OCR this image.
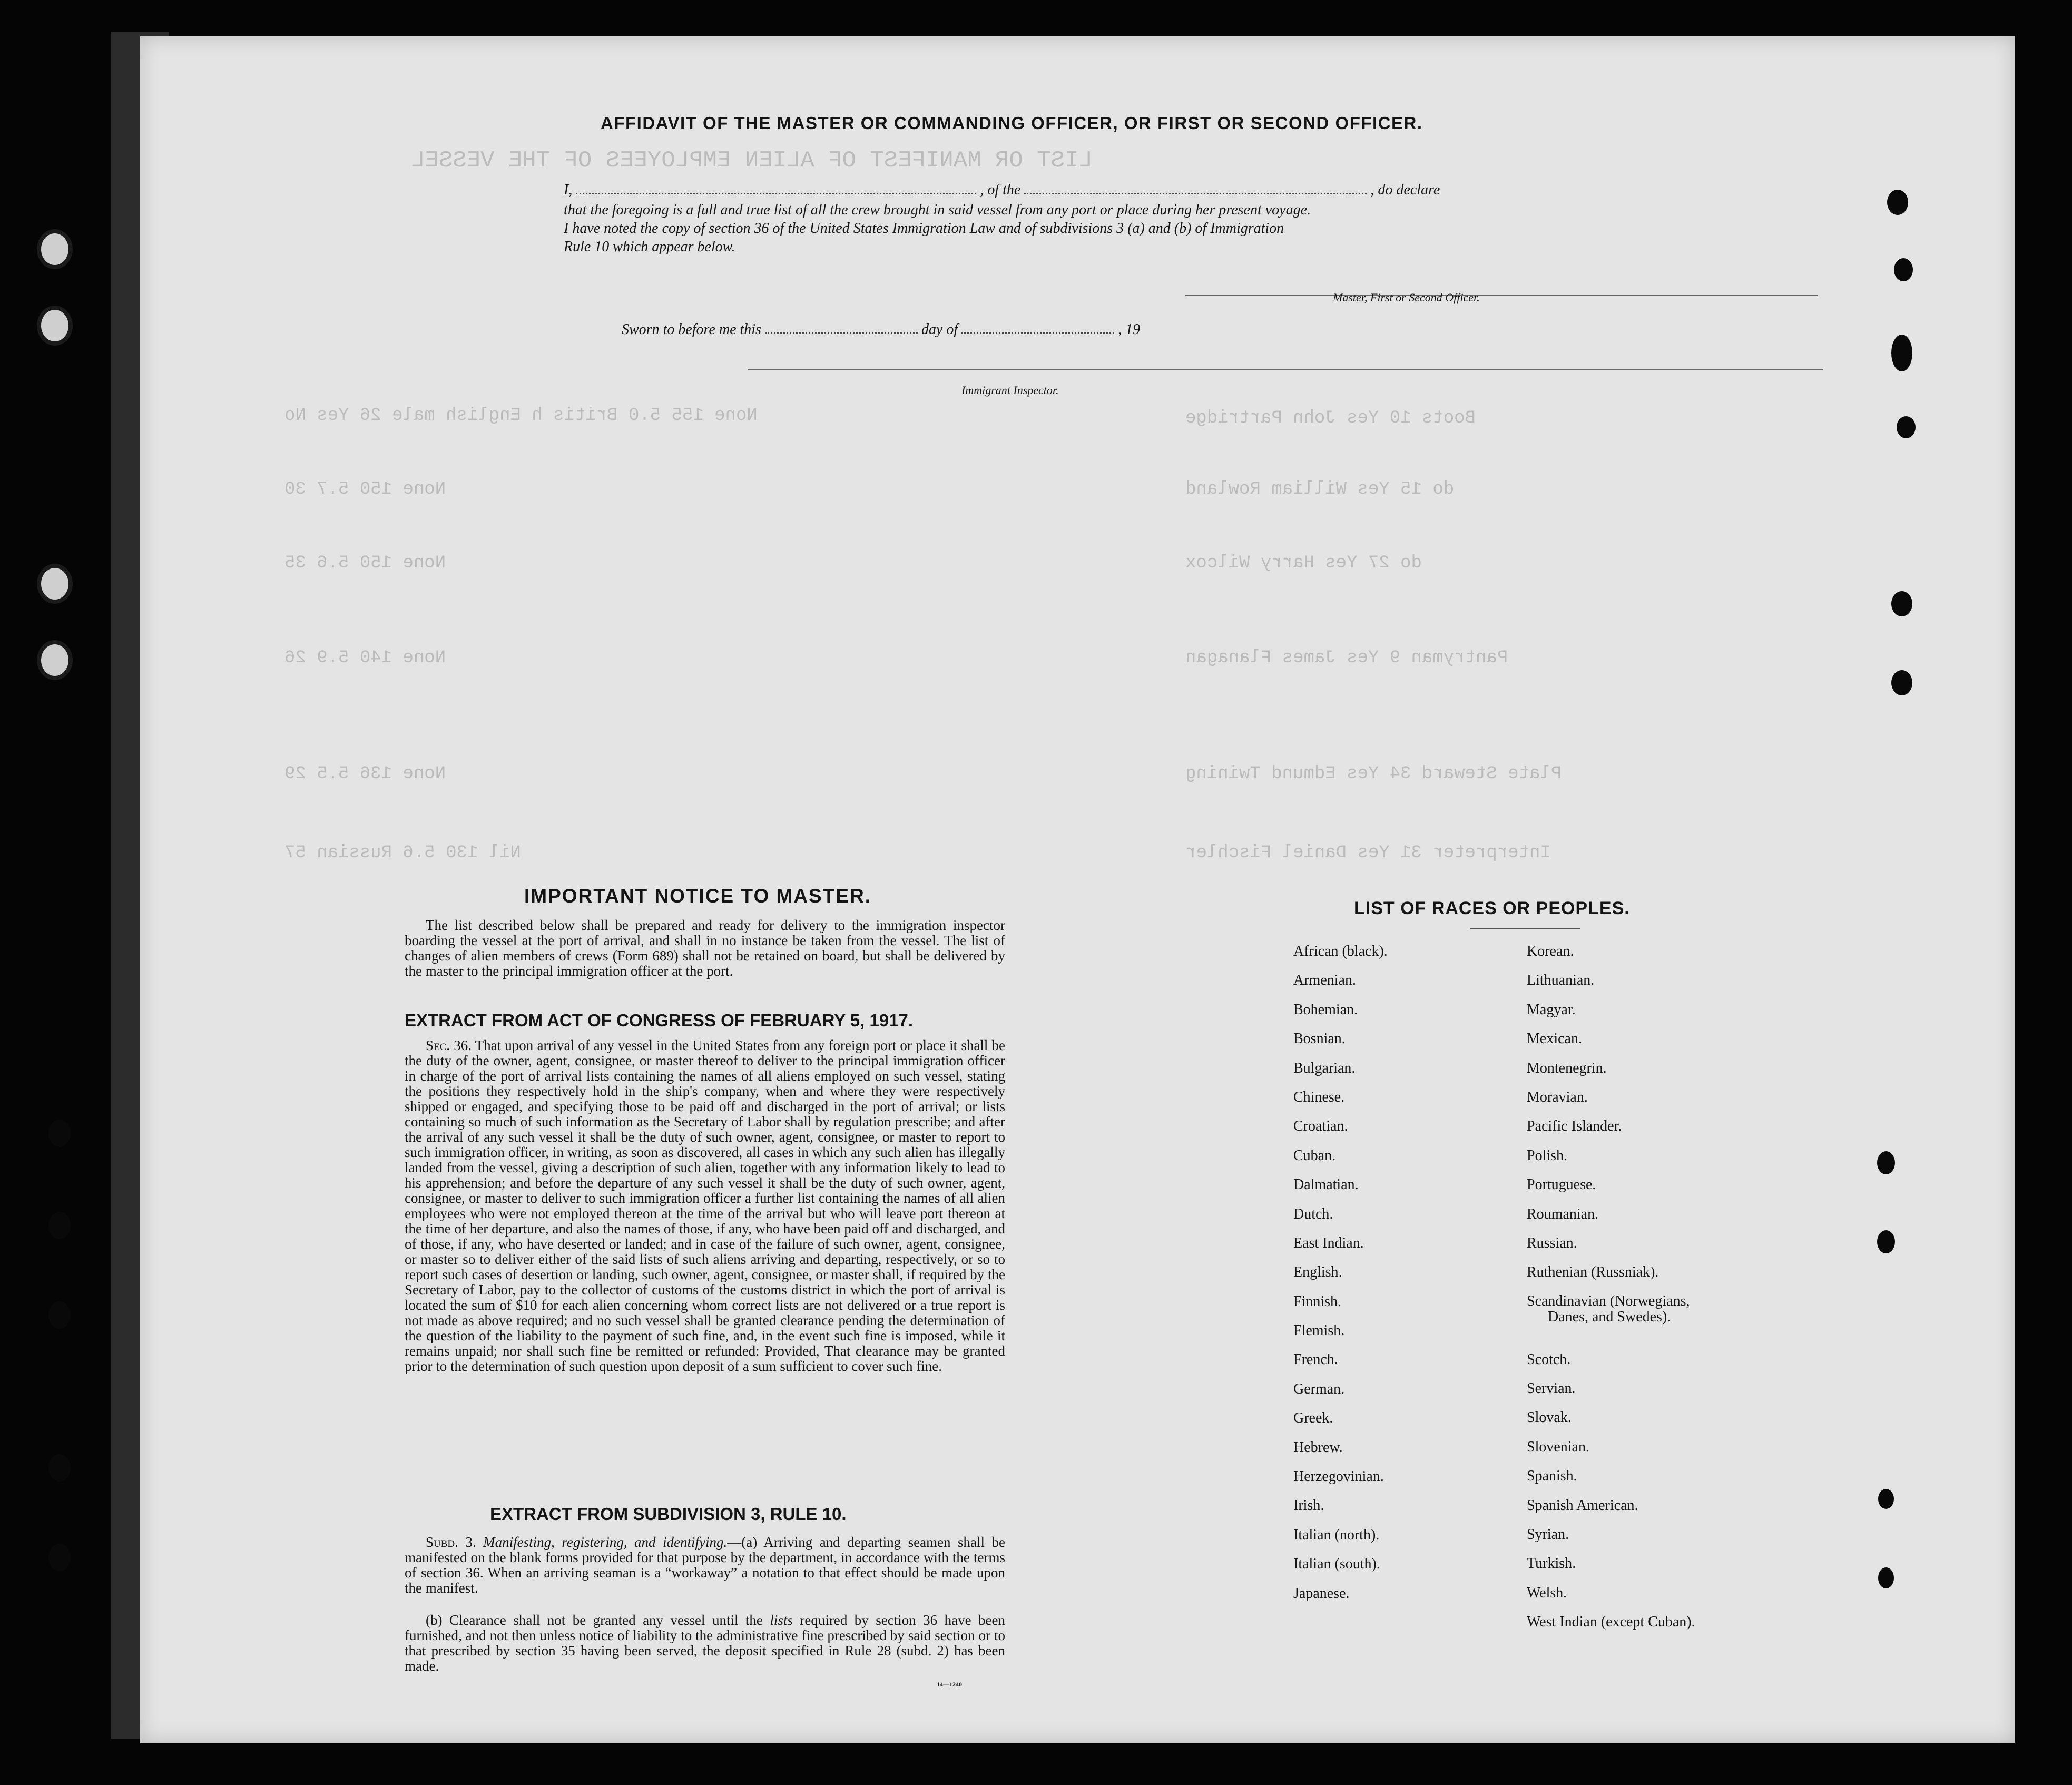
LIST OR MANIFEST OF ALIEN EMPLOYEES OF THE VESSEL
None 155 5.0 Britis h English male 26 Yes No	Boots 10 Yes John Partridge
None 150 5.7 30	do 15 Yes William Rowland
None 150 5.6 35	do 27 Yes Harry Wilcox
None 140 5.9 26	Pantryman 9 Yes James Flanagan
None 136 5.5 29	Plate Steward 34 Yes Edmund Twining
Nil 130 5.6 Russian 57	Interpreter 31 Yes Daniel Fischler
AFFIDAVIT OF THE MASTER OR COMMANDING OFFICER, OR FIRST OR SECOND OFFICER.
I,	, of the	, do declare
that the foregoing is a full and true list of all the crew brought in said vessel from any port or place during her present voyage.
I have noted the copy of section 36 of the United States Immigration Law and of subdivisions 3 (a) and (b) of Immigration
Rule 10 which appear below.
Master, First or Second Officer.
Sworn to before me this	day of	, 19
Immigrant Inspector.
IMPORTANT NOTICE TO MASTER.
The list described below shall be prepared and ready for delivery to the immigration inspector boarding the vessel at the port of arrival, and shall in no instance be taken from the vessel. The list of changes of alien members of crews (Form 689) shall not be retained on board, but shall be delivered by the master to the principal immigration officer at the port.
EXTRACT FROM ACT OF CONGRESS OF FEBRUARY 5, 1917.
Sec. 36. That upon arrival of any vessel in the United States from any foreign port or place it shall be the duty of the owner, agent, consignee, or master thereof to deliver to the principal immigration officer in charge of the port of arrival lists containing the names of all aliens employed on such vessel, stating the positions they respectively hold in the ship's company, when and where they were respectively shipped or engaged, and specifying those to be paid off and discharged in the port of arrival; or lists containing so much of such information as the Secretary of Labor shall by regulation prescribe; and after the arrival of any such vessel it shall be the duty of such owner, agent, consignee, or master to report to such immigration officer, in writing, as soon as discovered, all cases in which any such alien has illegally landed from the vessel, giving a description of such alien, together with any information likely to lead to his apprehension; and before the departure of any such vessel it shall be the duty of such owner, agent, consignee, or master to deliver to such immigration officer a further list containing the names of all alien employees who were not employed thereon at the time of the arrival but who will leave port thereon at the time of her departure, and also the names of those, if any, who have been paid off and discharged, and of those, if any, who have deserted or landed; and in case of the failure of such owner, agent, consignee, or master so to deliver either of the said lists of such aliens arriving and departing, respectively, or so to report such cases of desertion or landing, such owner, agent, consignee, or master shall, if required by the Secretary of Labor, pay to the collector of customs of the customs district in which the port of arrival is located the sum of $10 for each alien concerning whom correct lists are not delivered or a true report is not made as above required; and no such vessel shall be granted clearance pending the determination of the question of the liability to the payment of such fine, and, in the event such fine is imposed, while it remains unpaid; nor shall such fine be remitted or refunded: Provided, That clearance may be granted prior to the determination of such question upon deposit of a sum sufficient to cover such fine.
EXTRACT FROM SUBDIVISION 3, RULE 10.
Subd. 3. Manifesting, registering, and identifying.—(a) Arriving and departing seamen shall be manifested on the blank forms provided for that purpose by the department, in accordance with the terms of section 36. When an arriving seaman is a “workaway” a notation to that effect should be made upon the manifest.
(b) Clearance shall not be granted any vessel until the lists required by section 36 have been furnished, and not then unless notice of liability to the administrative fine prescribed by said section or to that prescribed by section 35 having been served, the deposit specified in Rule 28 (subd. 2) has been made.
14—1240
LIST OF RACES OR PEOPLES.
African (black).
Armenian.
Bohemian.
Bosnian.
Bulgarian.
Chinese.
Croatian.
Cuban.
Dalmatian.
Dutch.
East Indian.
English.
Finnish.
Flemish.
French.
German.
Greek.
Hebrew.
Herzegovinian.
Irish.
Italian (north).
Italian (south).
Japanese.
Korean.
Lithuanian.
Magyar.
Mexican.
Montenegrin.
Moravian.
Pacific Islander.
Polish.
Portuguese.
Roumanian.
Russian.
Ruthenian (Russniak).
Scandinavian (Norwegians,
Danes, and Swedes).
Scotch.
Servian.
Slovak.
Slovenian.
Spanish.
Spanish American.
Syrian.
Turkish.
Welsh.
West Indian (except Cuban).
